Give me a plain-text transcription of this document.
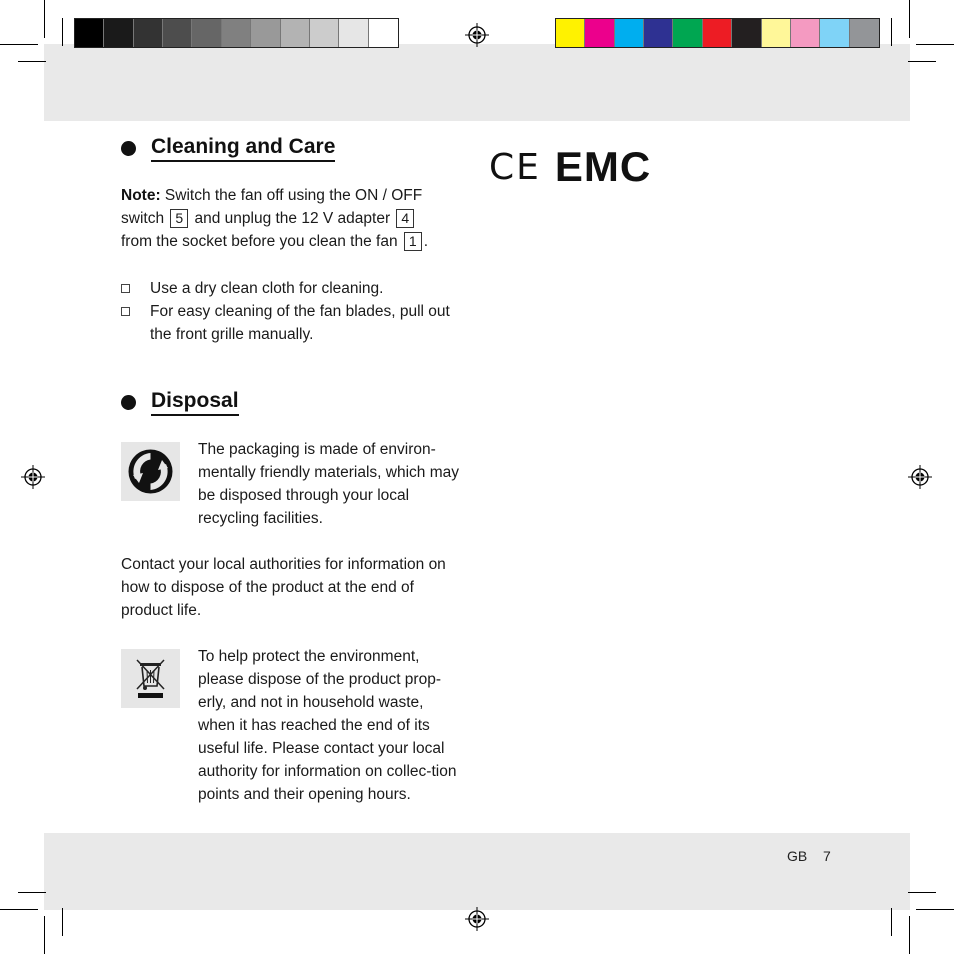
Cleaning and Care
Note: Switch the fan off using the ON / OFF
switch 5 and unplug the 12 V adapter 4
from the socket before you clean the fan 1 .
Use a dry clean cloth for cleaning.
For easy cleaning of the fan blades, pull out the front grille manually.
Disposal
The packaging is made of environ-mentally friendly materials, which may be disposed through your local recycling facilities.
Contact your local authorities for information on how to dispose of the product at the end of product life.
To help protect the environment, please dispose of the product prop-erly, and not in household waste, when it has reached the end of its useful life. Please contact your local authority for information on collec-tion points and their opening hours.
CE EMC
GB 7
